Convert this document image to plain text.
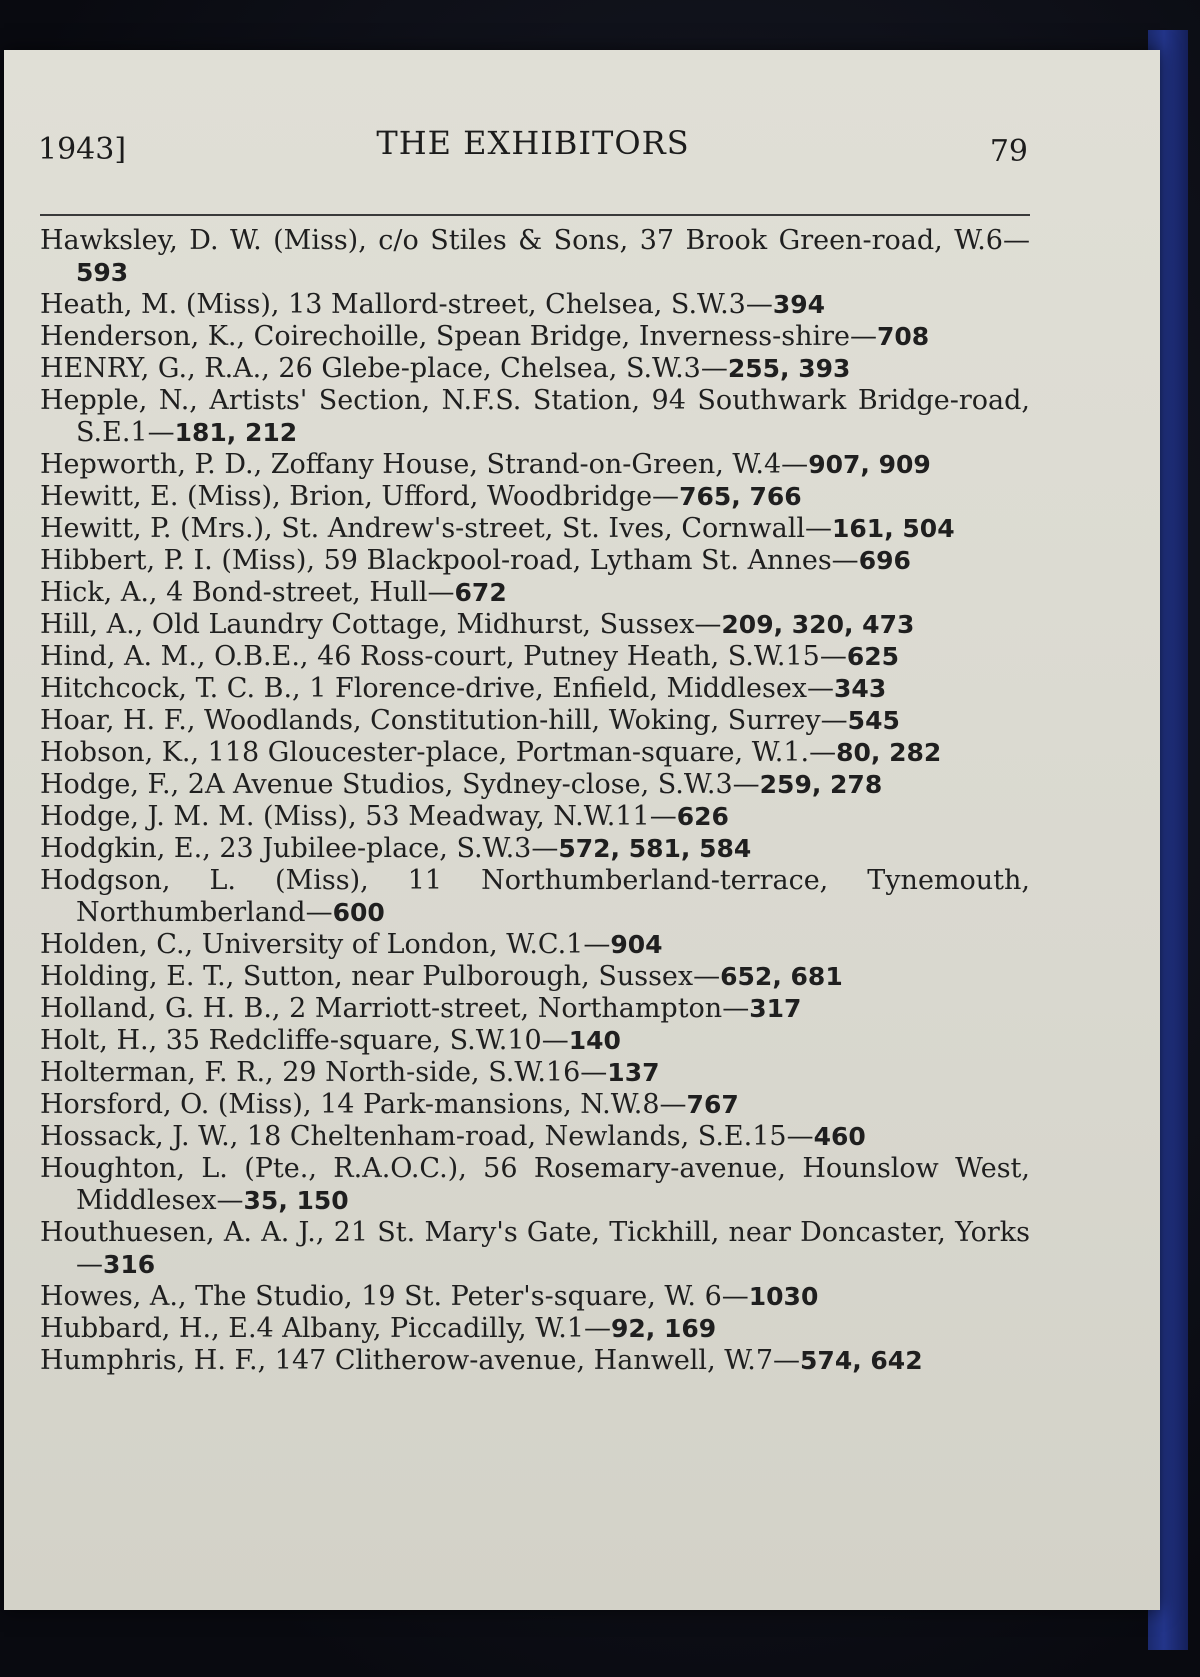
1943]	THE EXHIBITORS	79
Hawksley, D. W. (Miss), c/o Stiles & Sons, 37 Brook Green-road, W.6—593
Heath, M. (Miss), 13 Mallord-street, Chelsea, S.W.3—394
Henderson, K., Coirechoille, Spean Bridge, Inverness-shire—708
HENRY, G., R.A., 26 Glebe-place, Chelsea, S.W.3—255, 393
Hepple, N., Artists' Section, N.F.S. Station, 94 Southwark Bridge-road, S.E.1—181, 212
Hepworth, P. D., Zoffany House, Strand-on-Green, W.4—907, 909
Hewitt, E. (Miss), Brion, Ufford, Woodbridge—765, 766
Hewitt, P. (Mrs.), St. Andrew's-street, St. Ives, Cornwall—161, 504
Hibbert, P. I. (Miss), 59 Blackpool-road, Lytham St. Annes—696
Hick, A., 4 Bond-street, Hull—672
Hill, A., Old Laundry Cottage, Midhurst, Sussex—209, 320, 473
Hind, A. M., O.B.E., 46 Ross-court, Putney Heath, S.W.15—625
Hitchcock, T. C. B., 1 Florence-drive, Enfield, Middlesex—343
Hoar, H. F., Woodlands, Constitution-hill, Woking, Surrey—545
Hobson, K., 118 Gloucester-place, Portman-square, W.1.—80, 282
Hodge, F., 2A Avenue Studios, Sydney-close, S.W.3—259, 278
Hodge, J. M. M. (Miss), 53 Meadway, N.W.11—626
Hodgkin, E., 23 Jubilee-place, S.W.3—572, 581, 584
Hodgson, L. (Miss), 11 Northumberland-terrace, Tynemouth, Northumberland—600
Holden, C., University of London, W.C.1—904
Holding, E. T., Sutton, near Pulborough, Sussex—652, 681
Holland, G. H. B., 2 Marriott-street, Northampton—317
Holt, H., 35 Redcliffe-square, S.W.10—140
Holterman, F. R., 29 North-side, S.W.16—137
Horsford, O. (Miss), 14 Park-mansions, N.W.8—767
Hossack, J. W., 18 Cheltenham-road, Newlands, S.E.15—460
Houghton, L. (Pte., R.A.O.C.), 56 Rosemary-avenue, Hounslow West, Middlesex—35, 150
Houthuesen, A. A. J., 21 St. Mary's Gate, Tickhill, near Doncaster, Yorks—316
Howes, A., The Studio, 19 St. Peter's-square, W. 6—1030
Hubbard, H., E.4 Albany, Piccadilly, W.1—92, 169
Humphris, H. F., 147 Clitherow-avenue, Hanwell, W.7—574, 642
